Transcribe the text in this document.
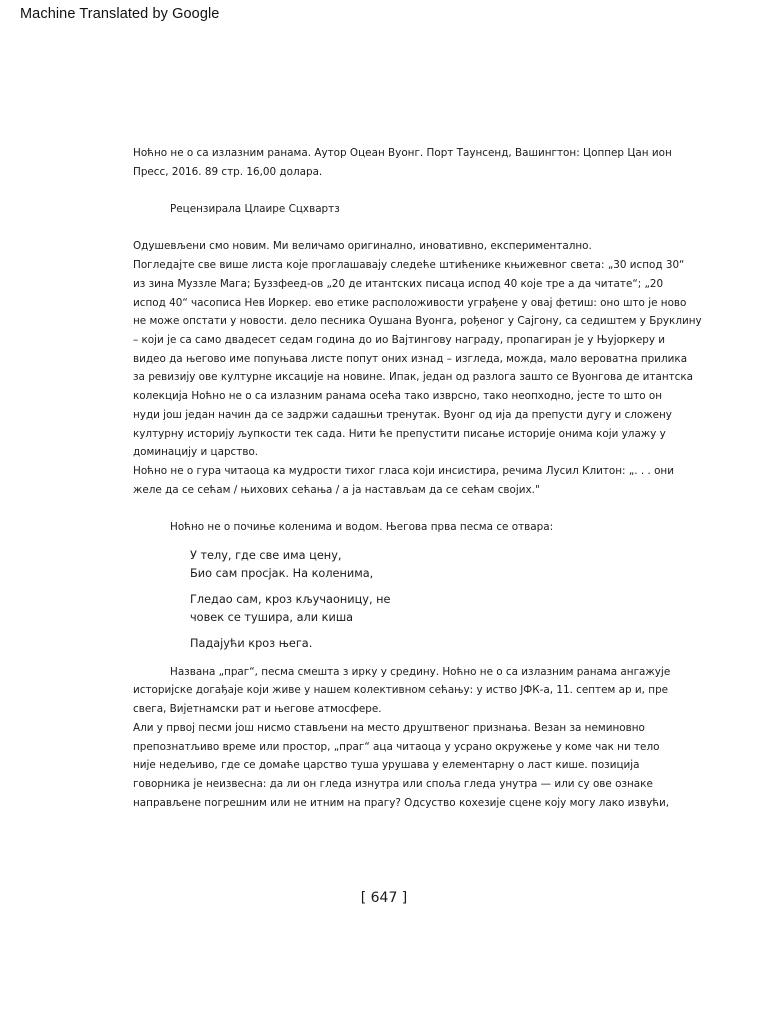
Machine Translated by Google
Ноћно не о са излазним ранама. Аутор Оцеан Вуонг. Порт Таунсенд, Вашингтон: Цоппер Цан ион
Пресс, 2016. 89 стр. 16,00 долара.
Рецензирала Цлаире Сцхвартз
Одушевљени смо новим. Ми величамо оригинално, иновативно, експериментално.
Погледајте све више листа које проглашавају следеће штићенике књижевног света: „30 испод 30“
из зина Муззле Мага; Буззфеед-ов „20 де итантских писаца испод 40 које тре а да читате“; „20
испод 40“ часописа Нев Иоркер. ево етике расположивости уграђене у овај фетиш: оно што је ново
не може опстати у новости. дело песника Оушана Вуонга, рођеног у Сајгону, са седиштем у Бруклину
– који је са само двадесет седам година до ио Вајтингову награду, пропагиран је у Њујоркеру и
видео да његово име попуњава листе попут оних изнад – изгледа, можда, мало вероватна прилика
за ревизију ове културне иксације на новине. Ипак, један од разлога зашто се Вуонгова де итантска
колекција Ноћно не о са излазним ранама осећа тако изврсно, тако неопходно, јесте то што он
нуди још један начин да се задржи садашњи тренутак. Вуонг од ија да препусти дугу и сложену
културну историју љупкости тек сада. Нити ће препустити писање историје онима који улажу у
доминацију и царство.
Ноћно не о гура читаоца ка мудрости тихог гласа који инсистира, речима Лусил Клитон: „. . . они
желе да се сећам / њихових сећања / а ја настављам да се сећам својих."
Ноћно не о почиње коленима и водом. Његова прва песма се отвара:
У телу, где све има цену,
Био сам просјак. На коленима,
Гледао сам, кроз кључаоницу, не
човек се туширa, али киша
Падајући кроз њега.
Названа „праг“, песма смешта з ирку у средину. Ноћно не о са излазним ранама ангажује
историјске догађаје који живе у нашем колективном сећању: у иство ЈФК-а, 11. септем ар и, пре
свега, Вијетнамски рат и његове атмосфере.
Али у првој песми још нисмо стављени на место друштвеног признања. Везан за неминовно
препознатљиво време или простор, „праг“ аца читаоца у усрано окружење у коме чак ни тело
није недељиво, где се домаће царство туша урушава у елементарну о ласт кише. позиција
говорника је неизвесна: да ли он гледа изнутра или споља гледа унутра — или су ове ознаке
направљене погрешним или не итним на прагу? Одсуство кохезије сцене коју могу лако извући,
[ 647 ]
